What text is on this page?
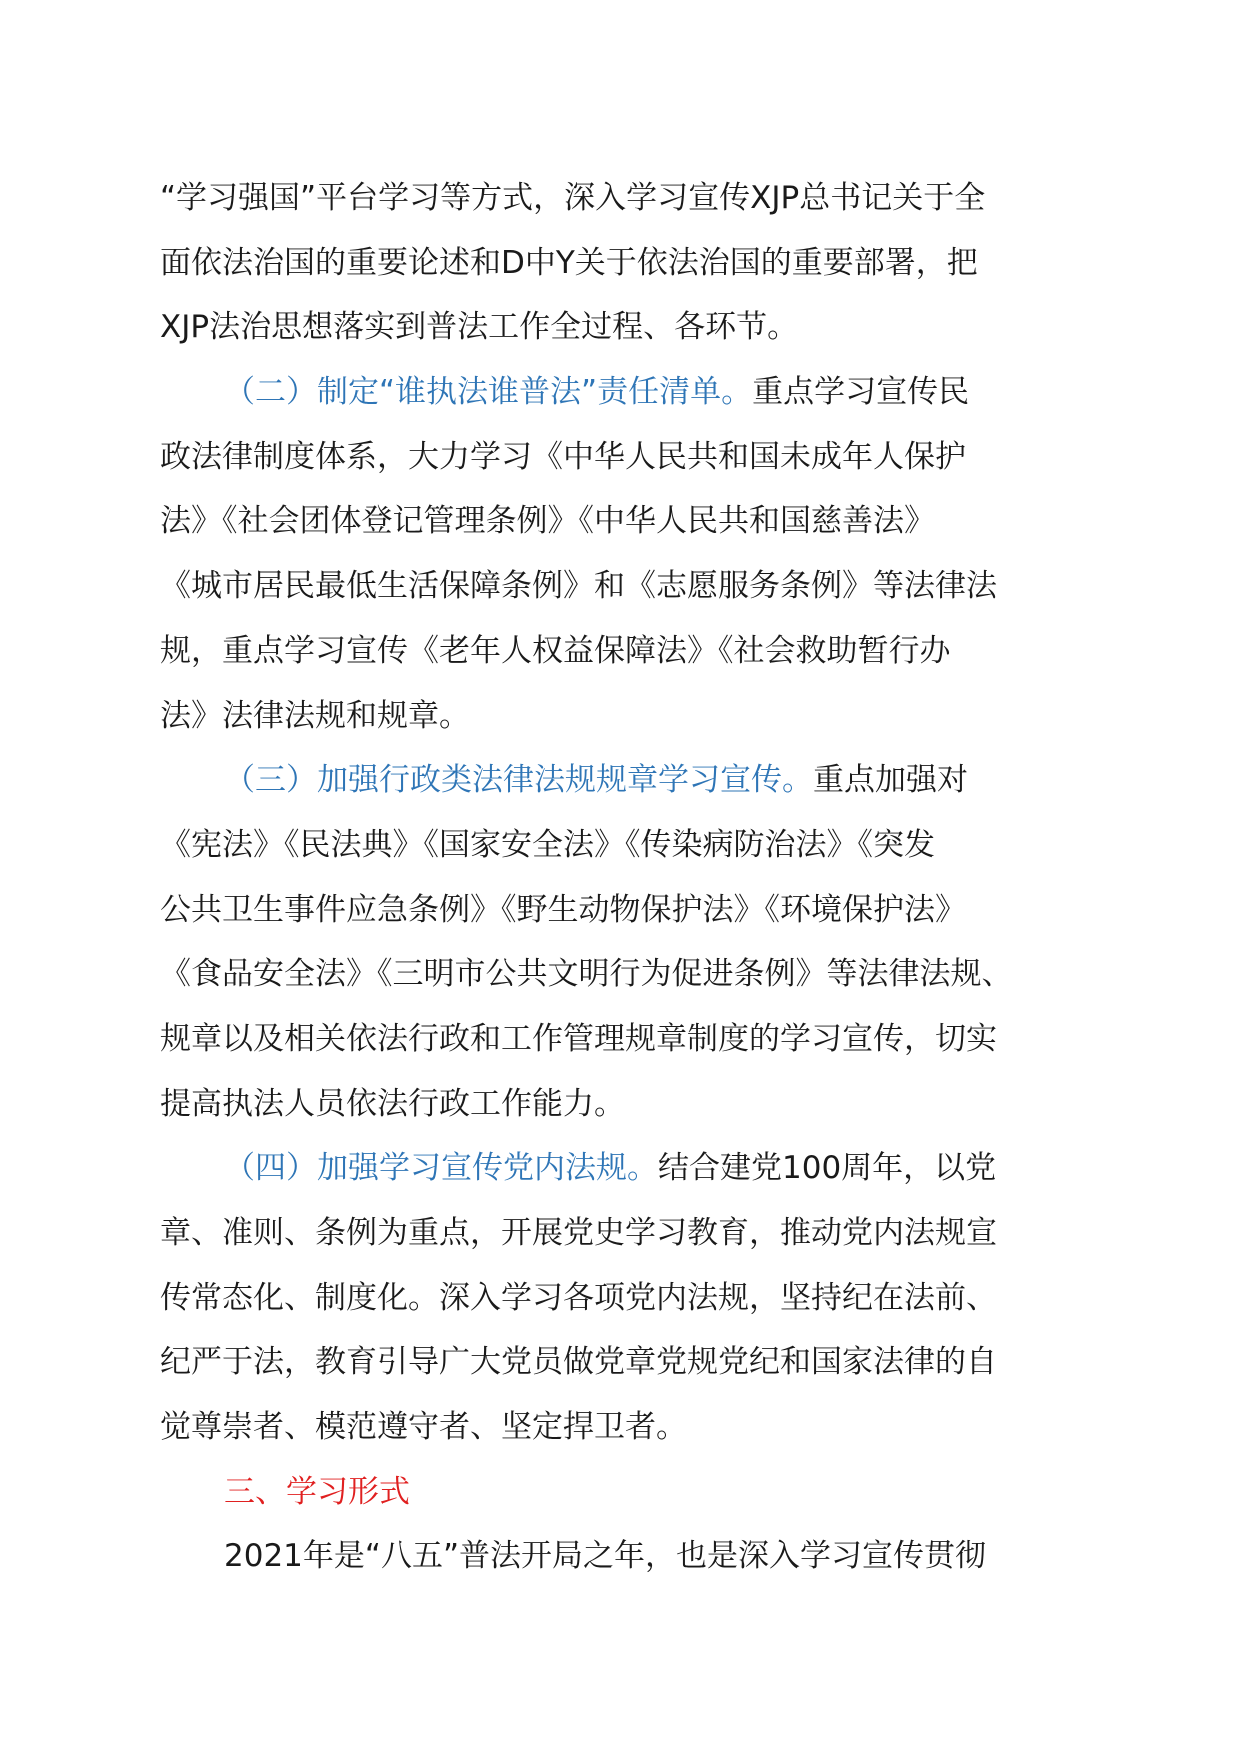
“学习强国”平台学习等方式，深入学习宣传XJP总书记关于全
面依法治国的重要论述和D中Y关于依法治国的重要部署，把
XJP法治思想落实到普法工作全过程、各环节。
（二）制定“谁执法谁普法”责任清单。重点学习宣传民
政法律制度体系，大力学习《中华人民共和国未成年人保护
法》《社会团体登记管理条例》《中华人民共和国慈善法》
《城市居民最低生活保障条例》和《志愿服务条例》等法律法
规，重点学习宣传《老年人权益保障法》《社会救助暂行办
法》法律法规和规章。
（三）加强行政类法律法规规章学习宣传。重点加强对
《宪法》《民法典》《国家安全法》《传染病防治法》《突发
公共卫生事件应急条例》《野生动物保护法》《环境保护法》
《食品安全法》《三明市公共文明行为促进条例》等法律法规、
规章以及相关依法行政和工作管理规章制度的学习宣传，切实
提高执法人员依法行政工作能力。
（四）加强学习宣传党内法规。结合建党100周年，以党
章、准则、条例为重点，开展党史学习教育，推动党内法规宣
传常态化、制度化。深入学习各项党内法规，坚持纪在法前、
纪严于法，教育引导广大党员做党章党规党纪和国家法律的自
觉尊崇者、模范遵守者、坚定捍卫者。
三、学习形式
2021年是“八五”普法开局之年，也是深入学习宣传贯彻
